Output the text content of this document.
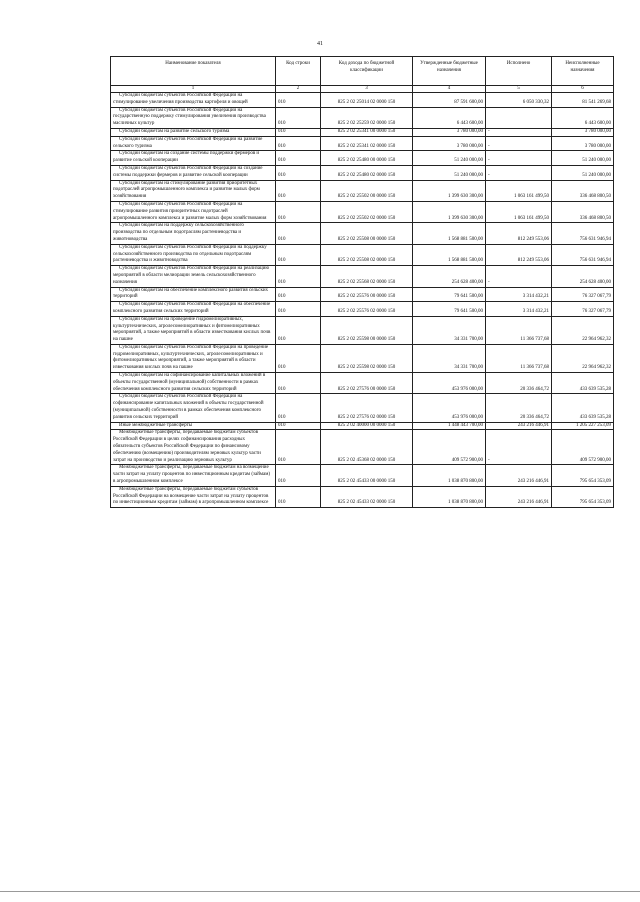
41
Наименование показателя	Код строки	Код дохода по бюджетной классификации	Утвержденные бюджетные назначения	Исполнено	Неисполненные назначения
1	2	3	4	5	6
Субсидии бюджетам субъектов Российской Федерации на стимулирование увеличения производства картофеля и овощей	010	825 2 02 25014 02 0000 150	87 591 600,00	6 050 330,32	81 541 269,68
Субсидии бюджетам субъектов Российской Федерации на государственную поддержку стимулирования увеличения производства масличных культур	010	825 2 02 25259 02 0000 150	6 443 600,00		6 443 600,00
Субсидии бюджетам на развитие сельского туризма	010	825 2 02 25341 00 0000 150	3 780 000,00	-	3 780 000,00
Субсидии бюджетам субъектов Российской Федерации на развитие сельского туризма	010	825 2 02 25341 02 0000 150	3 780 000,00	-	3 780 000,00
Субсидии бюджетам на создание системы поддержки фермеров и развитие сельской кооперации	010	825 2 02 25480 00 0000 150	51 240 000,00	-	51 240 000,00
Субсидии бюджетам субъектов Российской Федерации на создание системы поддержки фермеров и развитие сельской кооперации	010	825 2 02 25480 02 0000 150	51 240 000,00	-	51 240 000,00
Субсидии бюджетам на стимулирование развития приоритетных подотраслей агропромышленного комплекса и развитие малых форм хозяйствования	010	825 2 02 25502 00 0000 150	1 399 630 300,00	1 063 161 499,50	336 468 800,50
Субсидии бюджетам субъектов Российской Федерации на стимулирование развития приоритетных подотраслей агропромышленного комплекса и развитие малых форм хозяйствования	010	825 2 02 25502 02 0000 150	1 399 630 300,00	1 063 161 499,50	336 468 800,50
Субсидии бюджетам на поддержку сельскохозяйственного производства по отдельным подотраслям растениеводства и животноводства	010	825 2 02 25508 00 0000 150	1 568 881 500,00	812 249 553,06	756 631 946,94
Субсидии бюджетам субъектов Российской Федерации на поддержку сельскохозяйственного производства по отдельным подотраслям растениеводства и животноводства	010	825 2 02 25508 02 0000 150	1 568 881 500,00	812 249 553,06	756 631 946,94
Субсидии бюджетам субъектов Российской Федерации на реализацию мероприятий в области мелиорации земель сельскохозяйственного назначения	010	825 2 02 25568 02 0000 150	254 628 400,00	-	254 628 400,00
Субсидии бюджетам на обеспечение комплексного развития сельских территорий	010	825 2 02 25576 00 0000 150	79 641 500,00	3 314 432,21	76 327 067,79
Субсидии бюджетам субъектов Российской Федерации на обеспечение комплексного развития сельских территорий	010	825 2 02 25576 02 0000 150	79 641 500,00	3 314 432,21	76 327 067,79
Субсидии бюджетам на проведение гидромелиоративных, культуртехнических, агролесомелиоративных и фитомелиоративных мероприятий, а также мероприятий в области известкования кислых почв на пашне	010	825 2 02 25598 00 0000 150	34 331 700,00	11 366 737,68	22 964 962,32
Субсидии бюджетам субъектов Российской Федерации на проведение гидромелиоративных, культуртехнических, агролесомелиоративных и фитомелиоративных мероприятий, а также мероприятий в области известкования кислых почв на пашне	010	825 2 02 25598 02 0000 150	34 331 700,00	11 366 737,68	22 964 962,32
Субсидии бюджетам на софинансирование капитальных вложений в объекты государственной (муниципальной) собственности в рамках обеспечения комплексного развития сельских территорий	010	825 2 02 27576 00 0000 150	453 976 000,00	20 336 464,72	433 639 535,28
Субсидии бюджетам субъектов Российской Федерации на софинансирование капитальных вложений в объекты государственной (муниципальной) собственности в рамках обеспечения комплексного развития сельских территорий	010	825 2 02 27576 02 0000 150	453 976 000,00	20 336 464,72	433 639 535,28
Иные межбюджетные трансферты	010	825 2 02 40000 00 0000 150	1 448 443 700,00	243 216 446,91	1 205 227 253,09
Межбюджетные трансферты, передаваемые бюджетам субъектов Российской Федерации в целях софинансирования расходных обязательств субъектов Российской Федерации по финансовому обеспечению (возмещению) производителям зерновых культур части затрат на производство и реализацию зерновых культур	010	825 2 02 45368 02 0000 150	409 572 900,00	-	409 572 900,00
Межбюджетные трансферты, передаваемые бюджетам на возмещение части затрат на уплату процентов по инвестиционным кредитам (займам) в агропромышленном комплексе	010	825 2 02 45433 00 0000 150	1 038 870 800,00	243 216 446,91	795 654 353,09
Межбюджетные трансферты, передаваемые бюджетам субъектов Российской Федерации на возмещение части затрат на уплату процентов по инвестиционным кредитам (займам) в агропромышленном комплексе	010	825 2 02 45433 02 0000 150	1 038 870 800,00	243 216 446,91	795 654 353,09
